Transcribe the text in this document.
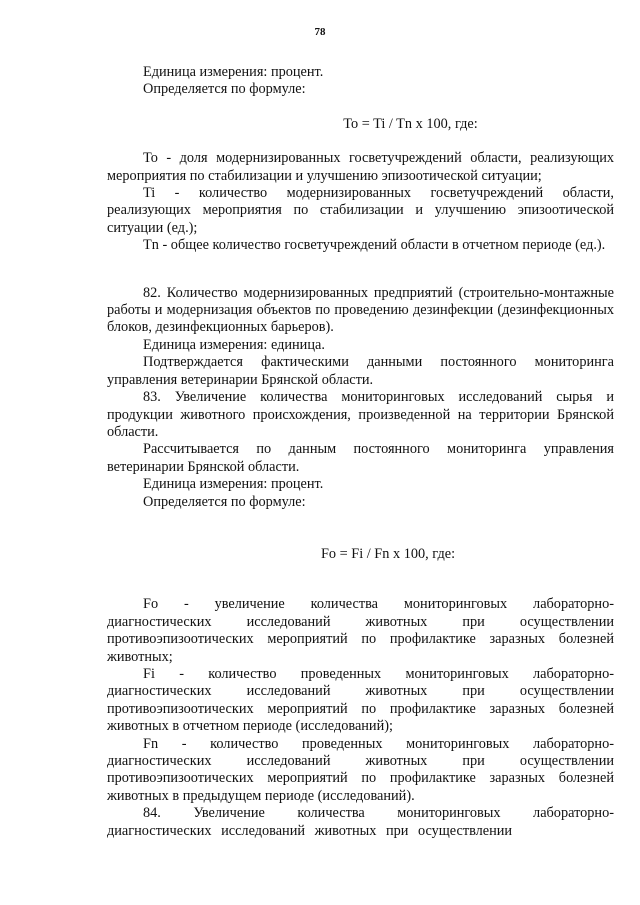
78

Единица измерения: процент.

Определяется по формуле:

To = Ti / Tn x 100, где:

To - доля модернизированных госветучреждений области, реализующих мероприятия по стабилизации и улучшению эпизоотической ситуации;

Ti - количество модернизированных госветучреждений области, реализующих мероприятия по стабилизации и улучшению эпизоотической ситуации (ед.);

Tn - общее количество госветучреждений области в отчетном периоде (ед.).

82. Количество модернизированных предприятий (строительно-монтажные работы и модернизация объектов по проведению дезинфекции (дезинфекционных блоков, дезинфекционных барьеров).

Единица измерения: единица.

Подтверждается фактическими данными постоянного мониторинга управления ветеринарии Брянской области.

83. Увеличение количества мониторинговых исследований сырья и продукции животного происхождения, произведенной на территории Брянской области.

Рассчитывается по данным постоянного мониторинга управления ветеринарии Брянской области.

Единица измерения: процент.

Определяется по формуле:

Fo = Fi / Fn x 100, где:

Fo - увеличение количества мониторинговых лабораторно-диагностических исследований животных при осуществлении противоэпизоотических мероприятий по профилактике заразных болезней животных;

Fi - количество проведенных мониторинговых лабораторно-диагностических исследований животных при осуществлении противоэпизоотических мероприятий по профилактике заразных болезней животных в отчетном периоде (исследований);

Fn - количество проведенных мониторинговых лабораторно-диагностических исследований животных при осуществлении противоэпизоотических мероприятий по профилактике заразных болезней животных в предыдущем периоде (исследований).

84. Увеличение количества мониторинговых лабораторно-диагностических исследований животных при осуществлении
